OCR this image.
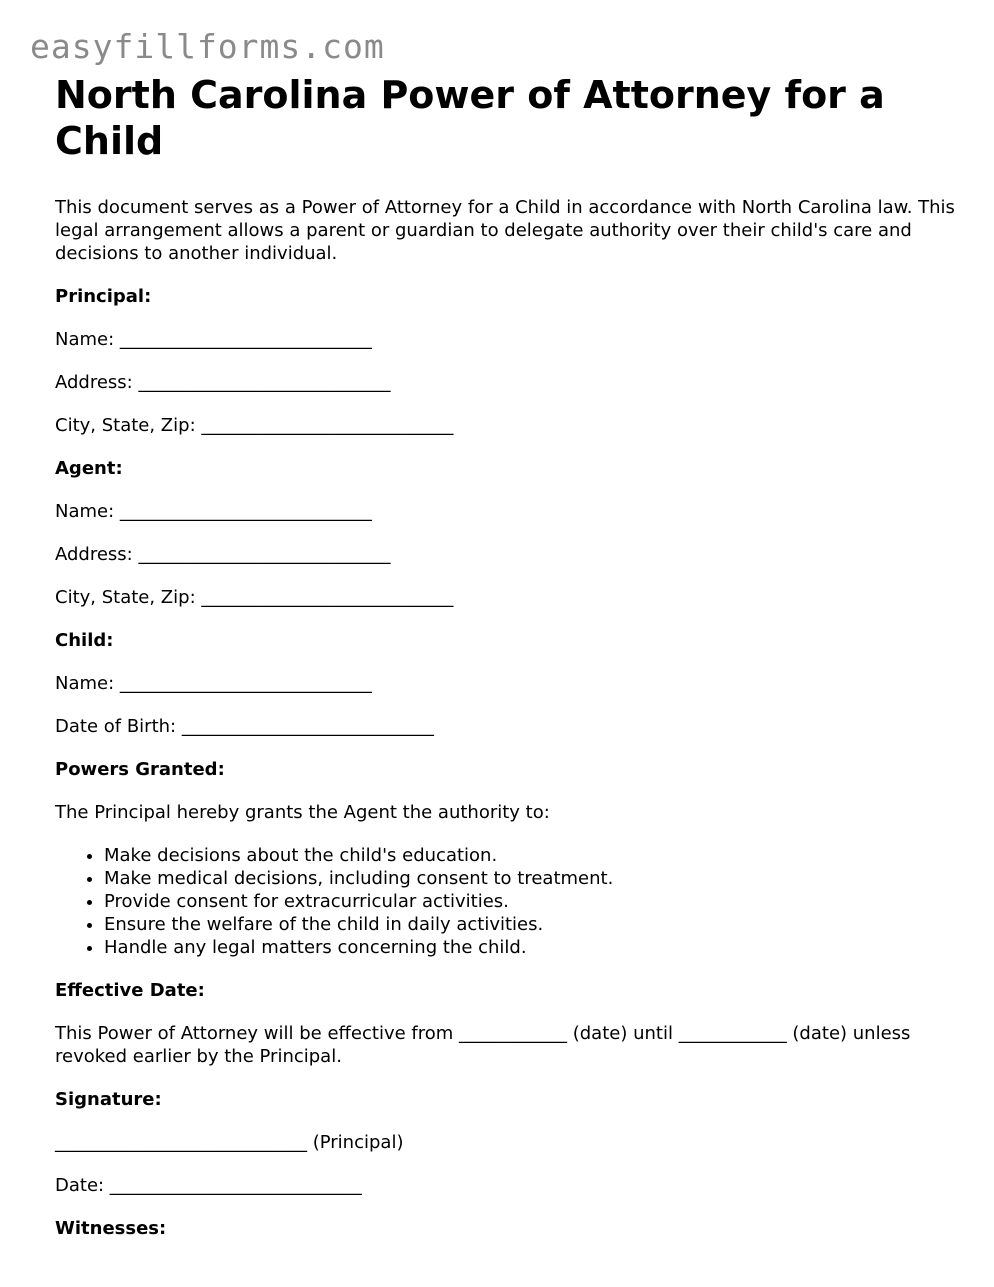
easyfillforms.com
North Carolina Power of Attorney for a Child

This document serves as a Power of Attorney for a Child in accordance with North Carolina law. This legal arrangement allows a parent or guardian to delegate authority over their child's care and decisions to another individual.

Principal:

Name: ____________________________

Address: ____________________________

City, State, Zip: ____________________________

Agent:

Name: ____________________________

Address: ____________________________

City, State, Zip: ____________________________

Child:

Name: ____________________________

Date of Birth: ____________________________

Powers Granted:

The Principal hereby grants the Agent the authority to:

• Make decisions about the child's education.
• Make medical decisions, including consent to treatment.
• Provide consent for extracurricular activities.
• Ensure the welfare of the child in daily activities.
• Handle any legal matters concerning the child.

Effective Date:

This Power of Attorney will be effective from ____________ (date) until ____________ (date) unless revoked earlier by the Principal.

Signature:

____________________________ (Principal)

Date: ____________________________

Witnesses:
